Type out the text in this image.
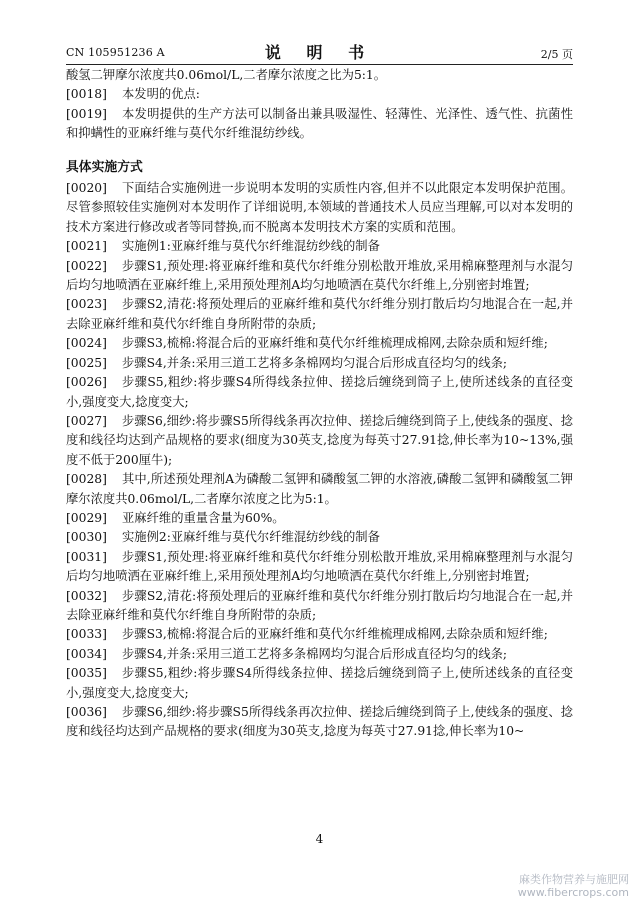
CN 105951236 A	说 明 书	2/5 页

酸氢二钾摩尔浓度共0.06mol/L,二者摩尔浓度之比为5:1。

[0018]	本发明的优点:

[0019]	本发明提供的生产方法可以制备出兼具吸湿性、轻薄性、光泽性、透气性、抗菌性和抑螨性的亚麻纤维与莫代尔纤维混纺纱线。

具体实施方式

[0020]	下面结合实施例进一步说明本发明的实质性内容,但并不以此限定本发明保护范围。尽管参照较佳实施例对本发明作了详细说明,本领域的普通技术人员应当理解,可以对本发明的技术方案进行修改或者等同替换,而不脱离本发明技术方案的实质和范围。

[0021]	实施例1:亚麻纤维与莫代尔纤维混纺纱线的制备

[0022]	步骤S1,预处理:将亚麻纤维和莫代尔纤维分别松散开堆放,采用棉麻整理剂与水混匀后均匀地喷洒在亚麻纤维上,采用预处理剂A均匀地喷洒在莫代尔纤维上,分别密封堆置;

[0023]	步骤S2,清花:将预处理后的亚麻纤维和莫代尔纤维分别打散后均匀地混合在一起,并去除亚麻纤维和莫代尔纤维自身所附带的杂质;

[0024]	步骤S3,梳棉:将混合后的亚麻纤维和莫代尔纤维梳理成棉网,去除杂质和短纤维;

[0025]	步骤S4,并条:采用三道工艺将多条棉网均匀混合后形成直径均匀的线条;

[0026]	步骤S5,粗纱:将步骤S4所得线条拉伸、搓捻后缠绕到筒子上,使所述线条的直径变小,强度变大,捻度变大;

[0027]	步骤S6,细纱:将步骤S5所得线条再次拉伸、搓捻后缠绕到筒子上,使线条的强度、捻度和线径均达到产品规格的要求(细度为30英支,捻度为每英寸27.91捻,伸长率为10~13%,强度不低于200厘牛);

[0028]	其中,所述预处理剂A为磷酸二氢钾和磷酸氢二钾的水溶液,磷酸二氢钾和磷酸氢二钾摩尔浓度共0.06mol/L,二者摩尔浓度之比为5:1。

[0029]	亚麻纤维的重量含量为60%。

[0030]	实施例2:亚麻纤维与莫代尔纤维混纺纱线的制备

[0031]	步骤S1,预处理:将亚麻纤维和莫代尔纤维分别松散开堆放,采用棉麻整理剂与水混匀后均匀地喷洒在亚麻纤维上,采用预处理剂A均匀地喷洒在莫代尔纤维上,分别密封堆置;

[0032]	步骤S2,清花:将预处理后的亚麻纤维和莫代尔纤维分别打散后均匀地混合在一起,并去除亚麻纤维和莫代尔纤维自身所附带的杂质;

[0033]	步骤S3,梳棉:将混合后的亚麻纤维和莫代尔纤维梳理成棉网,去除杂质和短纤维;

[0034]	步骤S4,并条:采用三道工艺将多条棉网均匀混合后形成直径均匀的线条;

[0035]	步骤S5,粗纱:将步骤S4所得线条拉伸、搓捻后缠绕到筒子上,使所述线条的直径变小,强度变大,捻度变大;

[0036]	步骤S6,细纱:将步骤S5所得线条再次拉伸、搓捻后缠绕到筒子上,使线条的强度、捻度和线径均达到产品规格的要求(细度为30英支,捻度为每英寸27.91捻,伸长率为10~

4
麻类作物营养与施肥网
www.fibercrops.com
